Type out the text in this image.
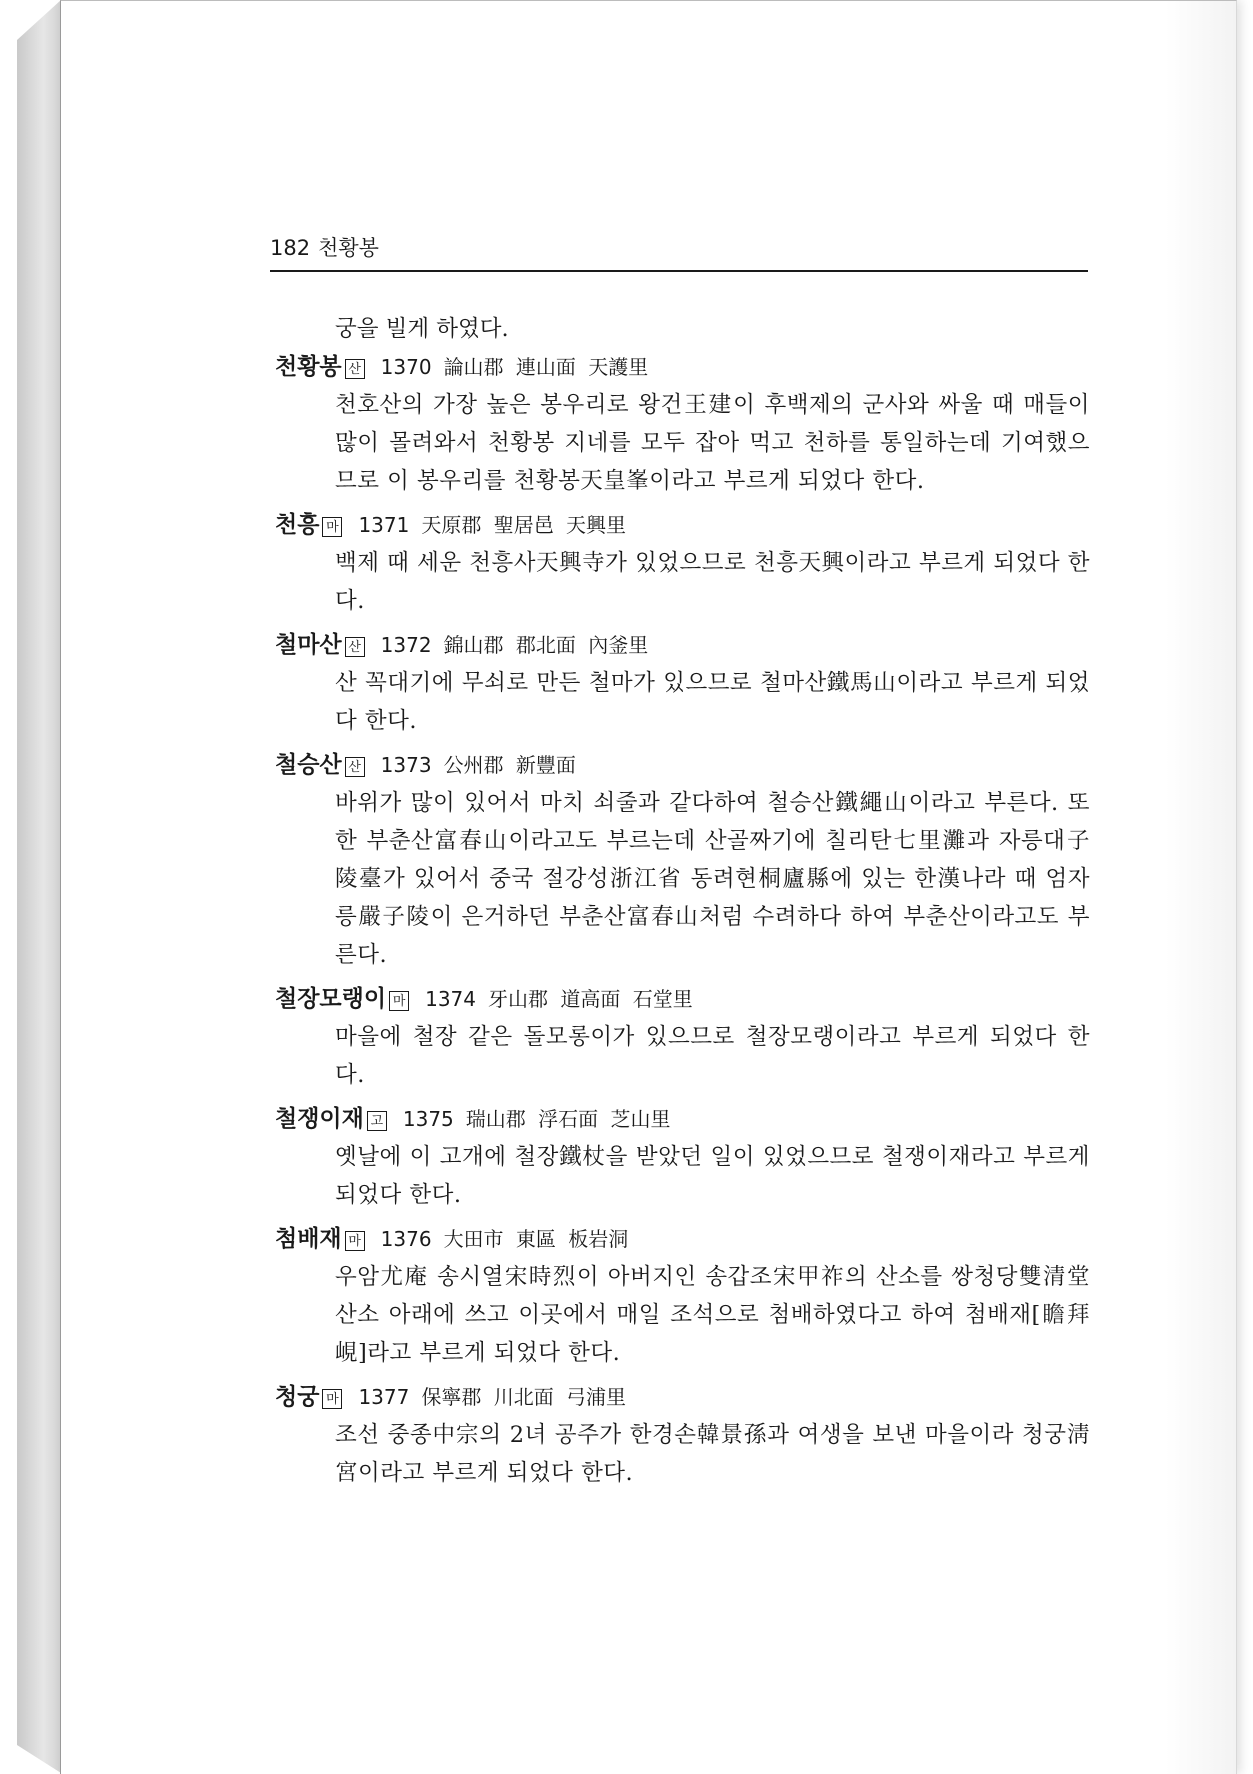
182 천황봉
궁을 빌게 하였다.
천황봉 산 1370 論山郡 連山面 天護里
천호산의 가장 높은 봉우리로 왕건王建이 후백제의 군사와 싸울 때 매들이 많이 몰려와서 천황봉 지네를 모두 잡아 먹고 천하를 통일하는데 기여했으므로 이 봉우리를 천황봉天皇峯이라고 부르게 되었다 한다.
천흥 마 1371 天原郡 聖居邑 天興里
백제 때 세운 천흥사天興寺가 있었으므로 천흥天興이라고 부르게 되었다 한다.
철마산 산 1372 錦山郡 郡北面 內釜里
산 꼭대기에 무쇠로 만든 철마가 있으므로 철마산鐵馬山이라고 부르게 되었다 한다.
철승산 산 1373 公州郡 新豐面
바위가 많이 있어서 마치 쇠줄과 같다하여 철승산鐵繩山이라고 부른다. 또한 부춘산富春山이라고도 부르는데 산골짜기에 칠리탄七里灘과 자릉대子陵臺가 있어서 중국 절강성浙江省 동려현桐廬縣에 있는 한漢나라 때 엄자릉嚴子陵이 은거하던 부춘산富春山처럼 수려하다 하여 부춘산이라고도 부른다.
철장모랭이 마 1374 牙山郡 道高面 石堂里
마을에 철장 같은 돌모롱이가 있으므로 철장모랭이라고 부르게 되었다 한다.
철쟁이재 고 1375 瑞山郡 浮石面 芝山里
옛날에 이 고개에 철장鐵杖을 받았던 일이 있었으므로 철쟁이재라고 부르게 되었다 한다.
첨배재 마 1376 大田市 東區 板岩洞
우암尤庵 송시열宋時烈이 아버지인 송갑조宋甲祚의 산소를 쌍청당雙清堂 산소 아래에 쓰고 이곳에서 매일 조석으로 첨배하였다고 하여 첨배재[瞻拜峴]라고 부르게 되었다 한다.
청궁 마 1377 保寧郡 川北面 弓浦里
조선 중종中宗의 2녀 공주가 한경손韓景孫과 여생을 보낸 마을이라 청궁淸宮이라고 부르게 되었다 한다.
